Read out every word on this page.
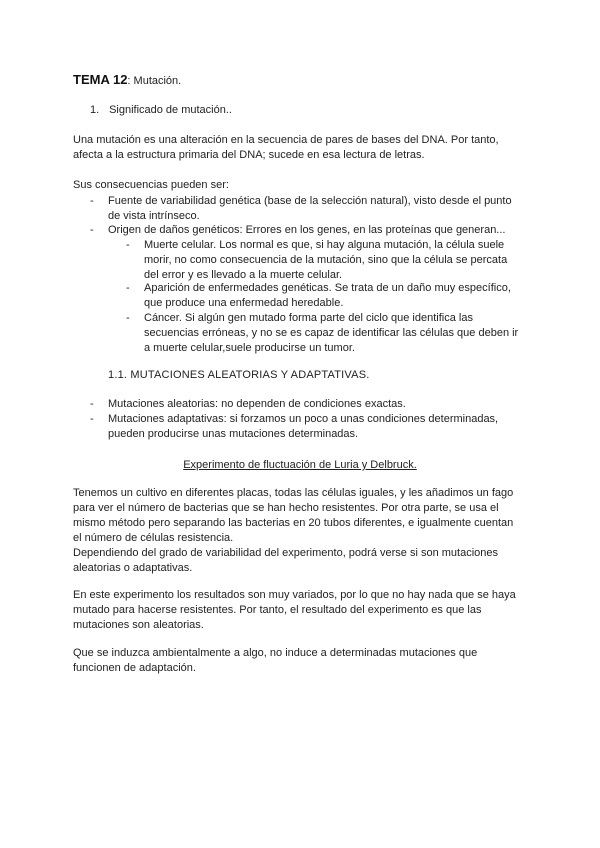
TEMA 12: Mutación.
1. Significado de mutación..

Una mutación es una alteración en la secuencia de pares de bases del DNA. Por tanto,

afecta a la estructura primaria del DNA; sucede en esa lectura de letras.

Sus consecuencias pueden ser:

- Fuente de variabilidad genética (base de la selección natural), visto desde el punto

de vista intrínseco.

- Origen de daños genéticos: Errores en los genes, en las proteínas que generan...

- Muerte celular. Los normal es que, si hay alguna mutación, la célula suele

morir, no como consecuencia de la mutación, sino que la célula se percata

del error y es llevado a la muerte celular.

- Aparición de enfermedades genéticas. Se trata de un daño muy específico,

que produce una enfermedad heredable.

- Cáncer. Si algún gen mutado forma parte del ciclo que identifica las

secuencias erróneas, y no se es capaz de identificar las células que deben ir

a muerte celular,suele producirse un tumor.

1.1. MUTACIONES ALEATORIAS Y ADAPTATIVAS.
- Mutaciones aleatorias: no dependen de condiciones exactas.

- Mutaciones adaptativas: si forzamos un poco a unas condiciones determinadas,

pueden producirse unas mutaciones determinadas.

Experimento de fluctuación de Luria y Delbruck.

Tenemos un cultivo en diferentes placas, todas las células iguales, y les añadimos un fago

para ver el número de bacterias que se han hecho resistentes. Por otra parte, se usa el

mismo método pero separando las bacterias en 20 tubos diferentes, e igualmente cuentan

el número de células resistencia.

Dependiendo del grado de variabilidad del experimento, podrá verse si son mutaciones

aleatorias o adaptativas.

En este experimento los resultados son muy variados, por lo que no hay nada que se haya

mutado para hacerse resistentes. Por tanto, el resultado del experimento es que las

mutaciones son aleatorias.

Que se induzca ambientalmente a algo, no induce a determinadas mutaciones que

funcionen de adaptación.
